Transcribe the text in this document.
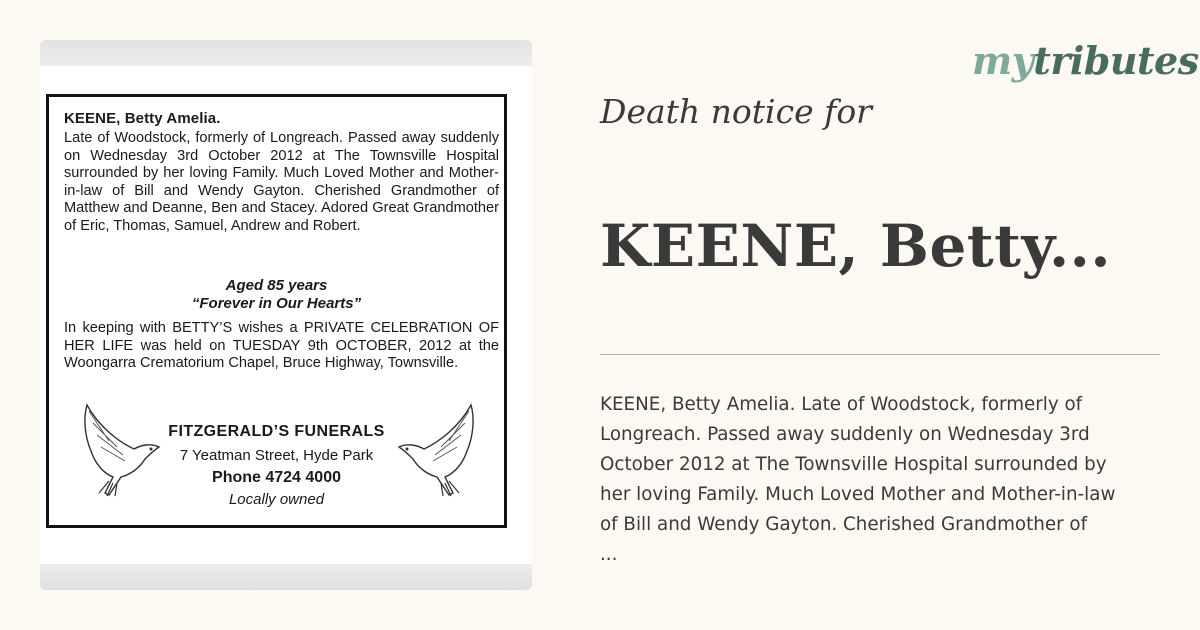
KEENE, Betty Amelia.

Late of Woodstock, formerly of Longreach. Passed away suddenly on Wednesday 3rd October 2012 at The Townsville Hospital surrounded by her loving Family. Much Loved Mother and Mother-in-law of Bill and Wendy Gayton. Cherished Grandmother of Matthew and Deanne, Ben and Stacey. Adored Great Grandmother of Eric, Thomas, Samuel, Andrew and Robert.

Aged 85 years
“Forever in Our Hearts”

In keeping with BETTY’S wishes a PRIVATE CELEBRATION OF HER LIFE was held on TUESDAY 9th OCTOBER, 2012 at the Woongarra Crematorium Chapel, Bruce Highway, Townsville.

FITZGERALD’S FUNERALS
7 Yeatman Street, Hyde Park
Phone 4724 4000
Locally owned
mytributes
Death notice for
KEENE, Betty...
KEENE, Betty Amelia. Late of Woodstock, formerly of
Longreach. Passed away suddenly on Wednesday 3rd
October 2012 at The Townsville Hospital surrounded by
her loving Family. Much Loved Mother and Mother-in-law
of Bill and Wendy Gayton. Cherished Grandmother of
...
